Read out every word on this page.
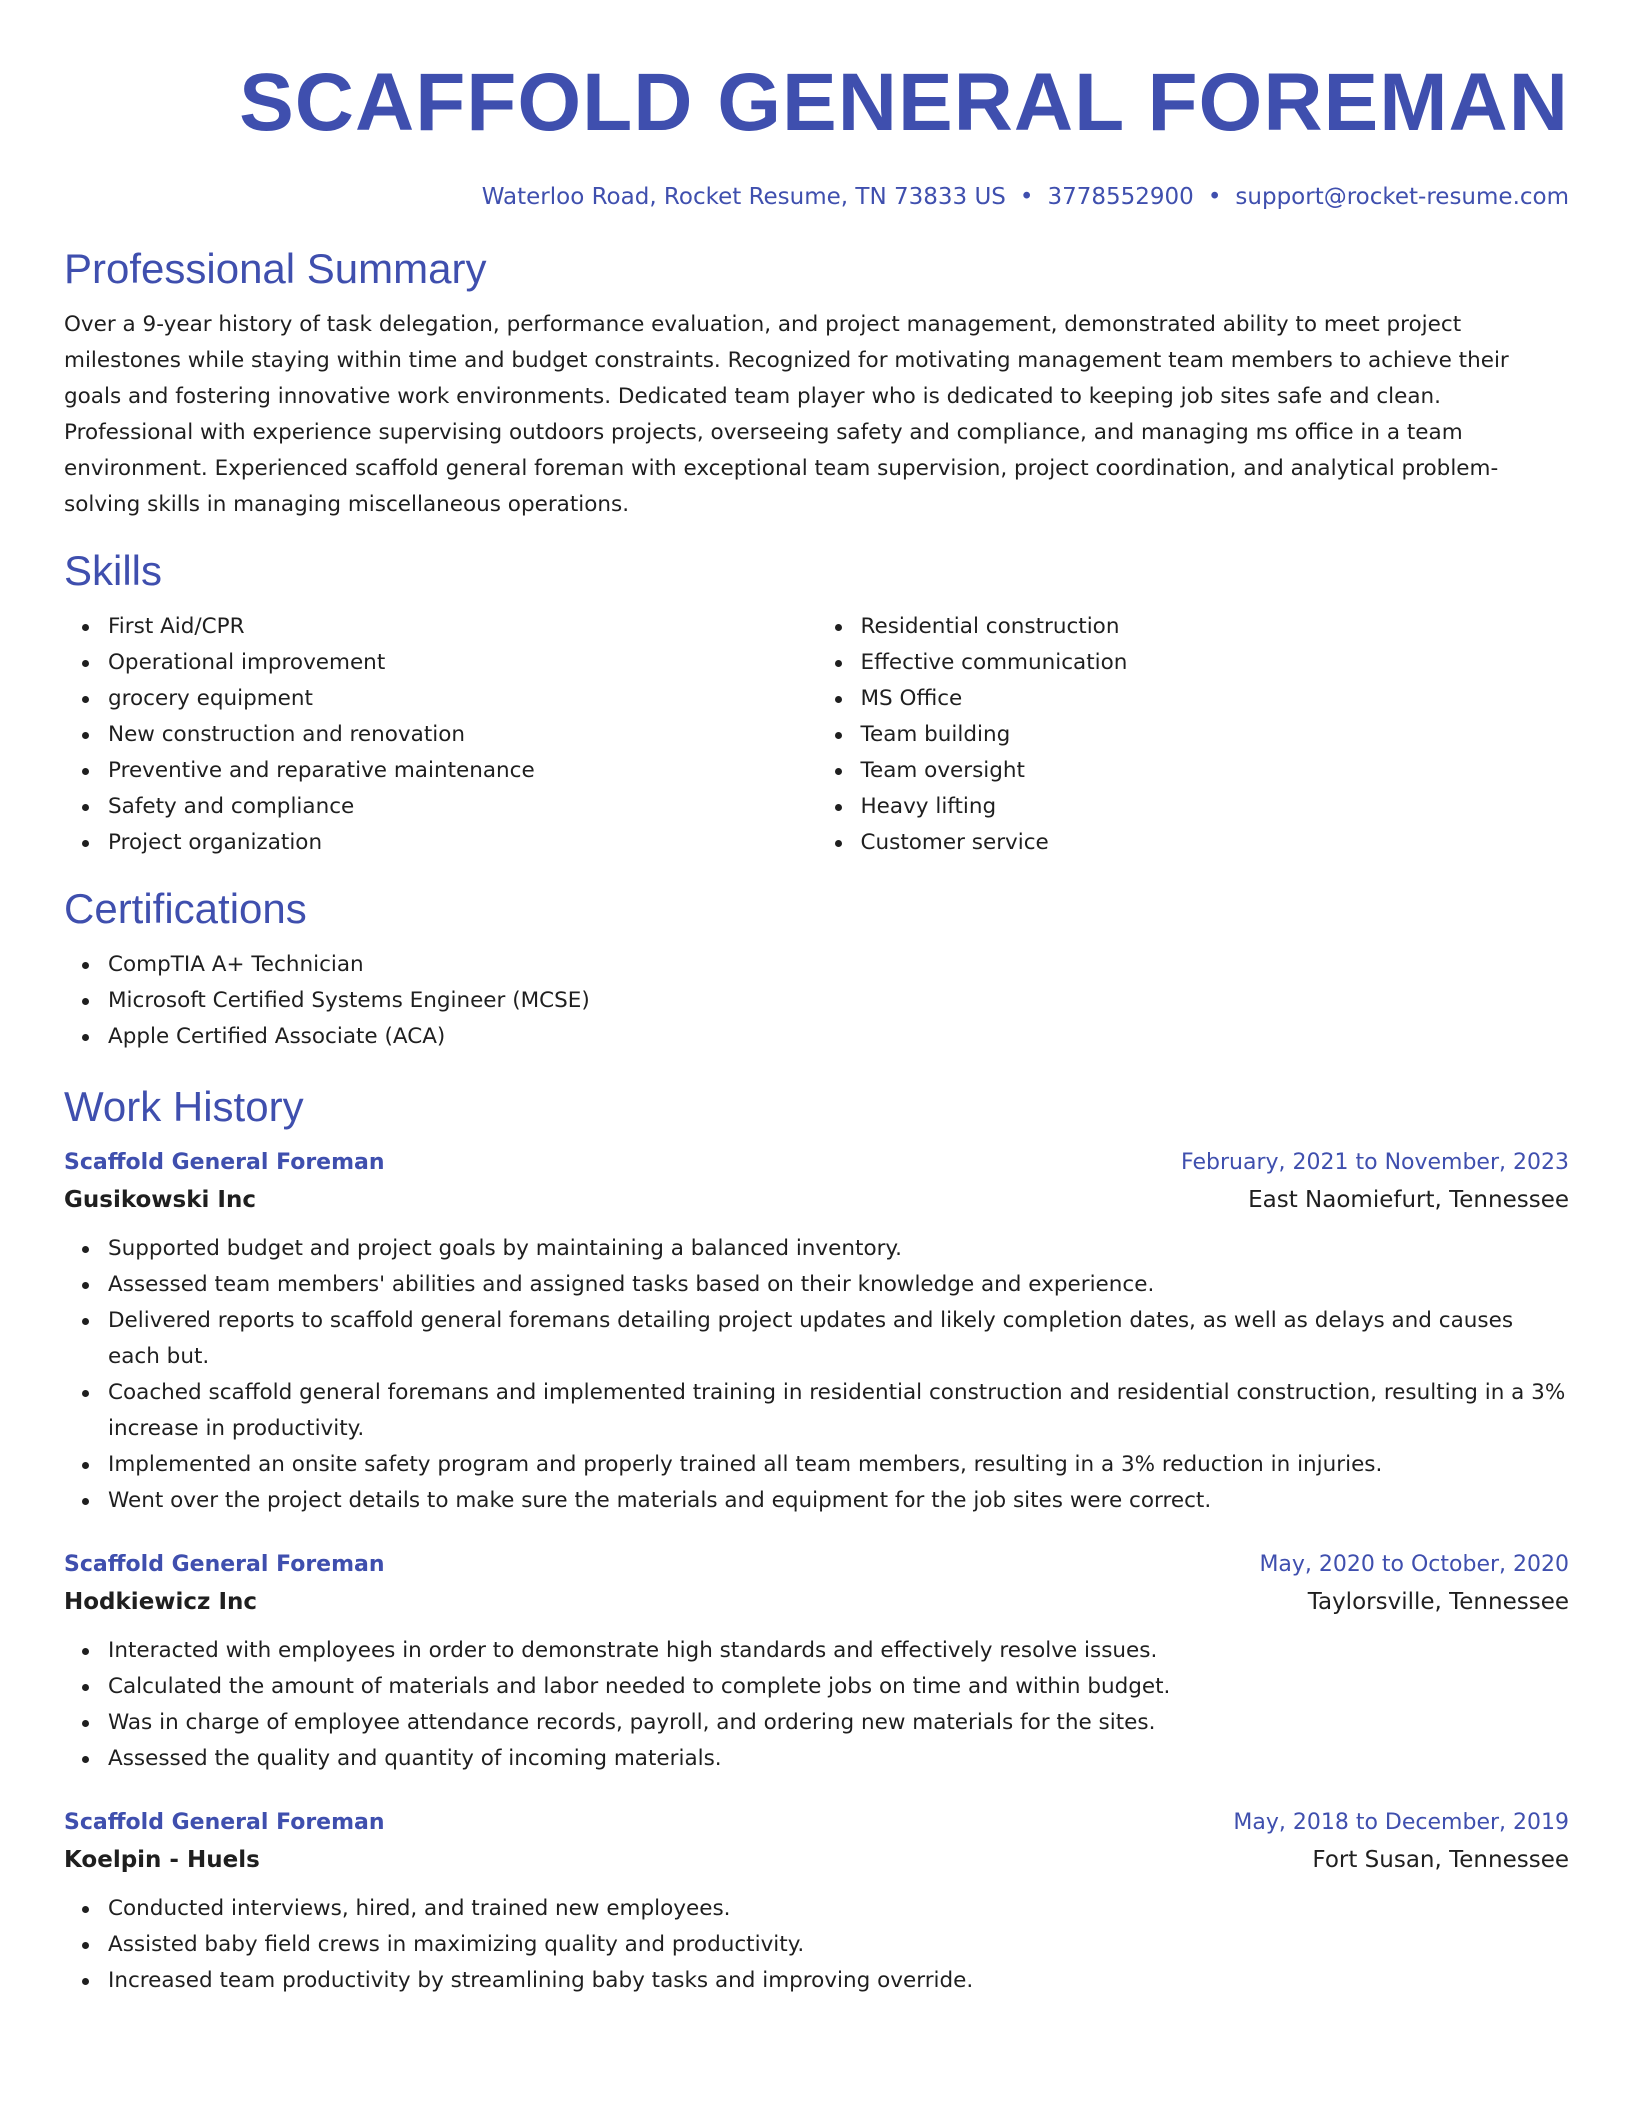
SCAFFOLD GENERAL FOREMAN
Waterloo Road, Rocket Resume, TN 73833 US • 3778552900 • support@rocket-resume.com
Professional Summary

Over a 9-year history of task delegation, performance evaluation, and project management, demonstrated ability to meet project milestones while staying within time and budget constraints. Recognized for motivating management team members to achieve their goals and fostering innovative work environments. Dedicated team player who is dedicated to keeping job sites safe and clean. Professional with experience supervising outdoors projects, overseeing safety and compliance, and managing ms office in a team environment. Experienced scaffold general foreman with exceptional team supervision, project coordination, and analytical problem-solving skills in managing miscellaneous operations.

Skills
First Aid/CPR
Operational improvement
grocery equipment
New construction and renovation
Preventive and reparative maintenance
Safety and compliance
Project organization
Residential construction
Effective communication
MS Office
Team building
Team oversight
Heavy lifting
Customer service
Certifications
CompTIA A+ Technician
Microsoft Certified Systems Engineer (MCSE)
Apple Certified Associate (ACA)
Work History
Scaffold General Foreman	February, 2021 to November, 2023
Gusikowski Inc	East Naomiefurt, Tennessee
Supported budget and project goals by maintaining a balanced inventory.
Assessed team members' abilities and assigned tasks based on their knowledge and experience.
Delivered reports to scaffold general foremans detailing project updates and likely completion dates, as well as delays and causes each but.
Coached scaffold general foremans and implemented training in residential construction and residential construction, resulting in a 3% increase in productivity.
Implemented an onsite safety program and properly trained all team members, resulting in a 3% reduction in injuries.
Went over the project details to make sure the materials and equipment for the job sites were correct.
Scaffold General Foreman	May, 2020 to October, 2020
Hodkiewicz Inc	Taylorsville, Tennessee
Interacted with employees in order to demonstrate high standards and effectively resolve issues.
Calculated the amount of materials and labor needed to complete jobs on time and within budget.
Was in charge of employee attendance records, payroll, and ordering new materials for the sites.
Assessed the quality and quantity of incoming materials.
Scaffold General Foreman	May, 2018 to December, 2019
Koelpin - Huels	Fort Susan, Tennessee
Conducted interviews, hired, and trained new employees.
Assisted baby field crews in maximizing quality and productivity.
Increased team productivity by streamlining baby tasks and improving override.
